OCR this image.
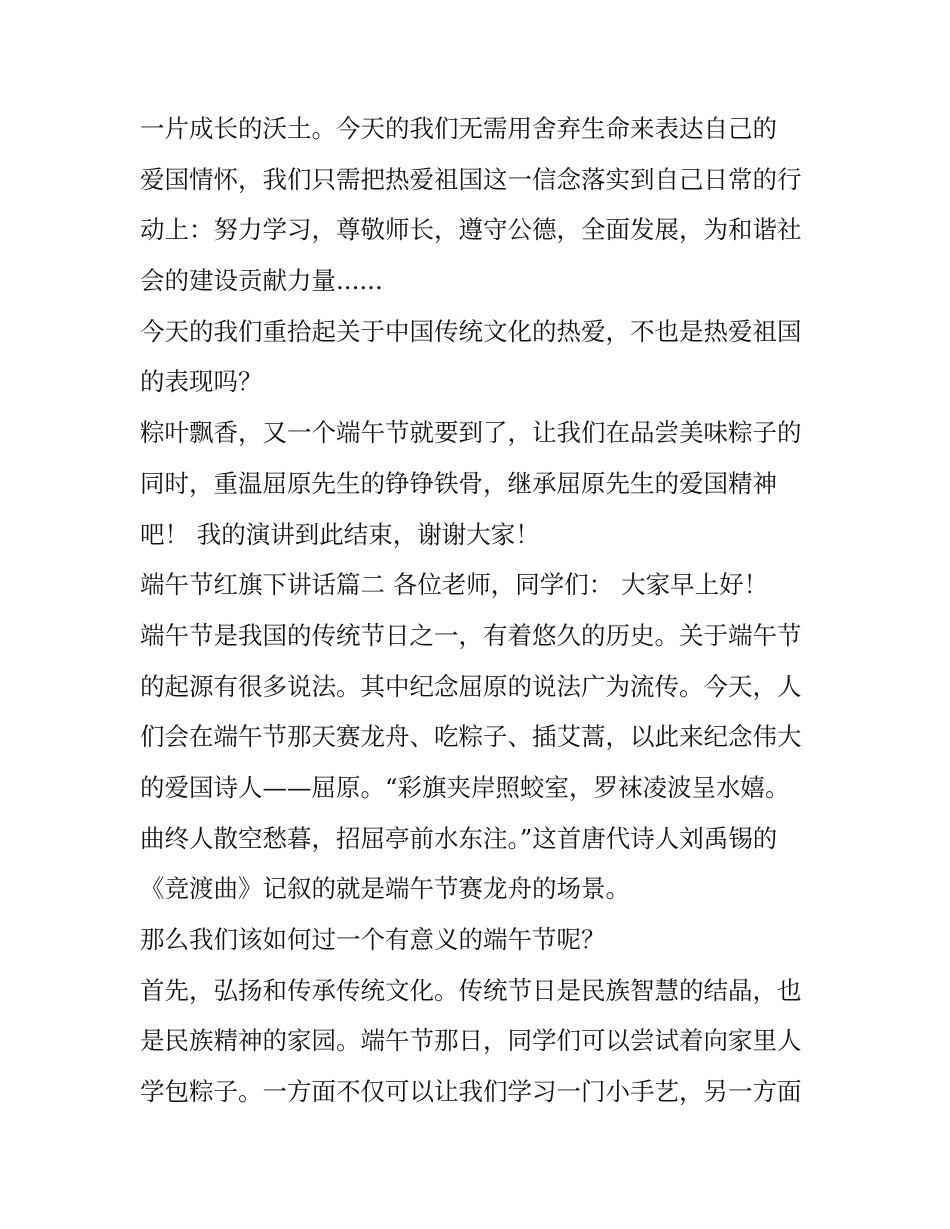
一片成长的沃土。今天的我们无需用舍弃生命来表达自己的
爱国情怀，我们只需把热爱祖国这一信念落实到自己日常的行
动上：努力学习，尊敬师长，遵守公德，全面发展，为和谐社
会的建设贡献力量......
今天的我们重拾起关于中国传统文化的热爱，不也是热爱祖国
的表现吗？
粽叶飘香，又一个端午节就要到了，让我们在品尝美味粽子的
同时，重温屈原先生的铮铮铁骨，继承屈原先生的爱国精神
吧！ 我的演讲到此结束，谢谢大家！
端午节红旗下讲话篇二 各位老师，同学们： 大家早上好！
端午节是我国的传统节日之一，有着悠久的历史。关于端午节
的起源有很多说法。其中纪念屈原的说法广为流传。今天，人
们会在端午节那天赛龙舟、吃粽子、插艾蒿，以此来纪念伟大
的爱国诗人——屈原。“彩旗夹岸照蛟室，罗袜凌波呈水嬉。
曲终人散空愁暮，招屈亭前水东注。”这首唐代诗人刘禹锡的
《竞渡曲》记叙的就是端午节赛龙舟的场景。
那么我们该如何过一个有意义的端午节呢？
首先，弘扬和传承传统文化。传统节日是民族智慧的结晶，也
是民族精神的家园。端午节那日，同学们可以尝试着向家里人
学包粽子。一方面不仅可以让我们学习一门小手艺，另一方面
